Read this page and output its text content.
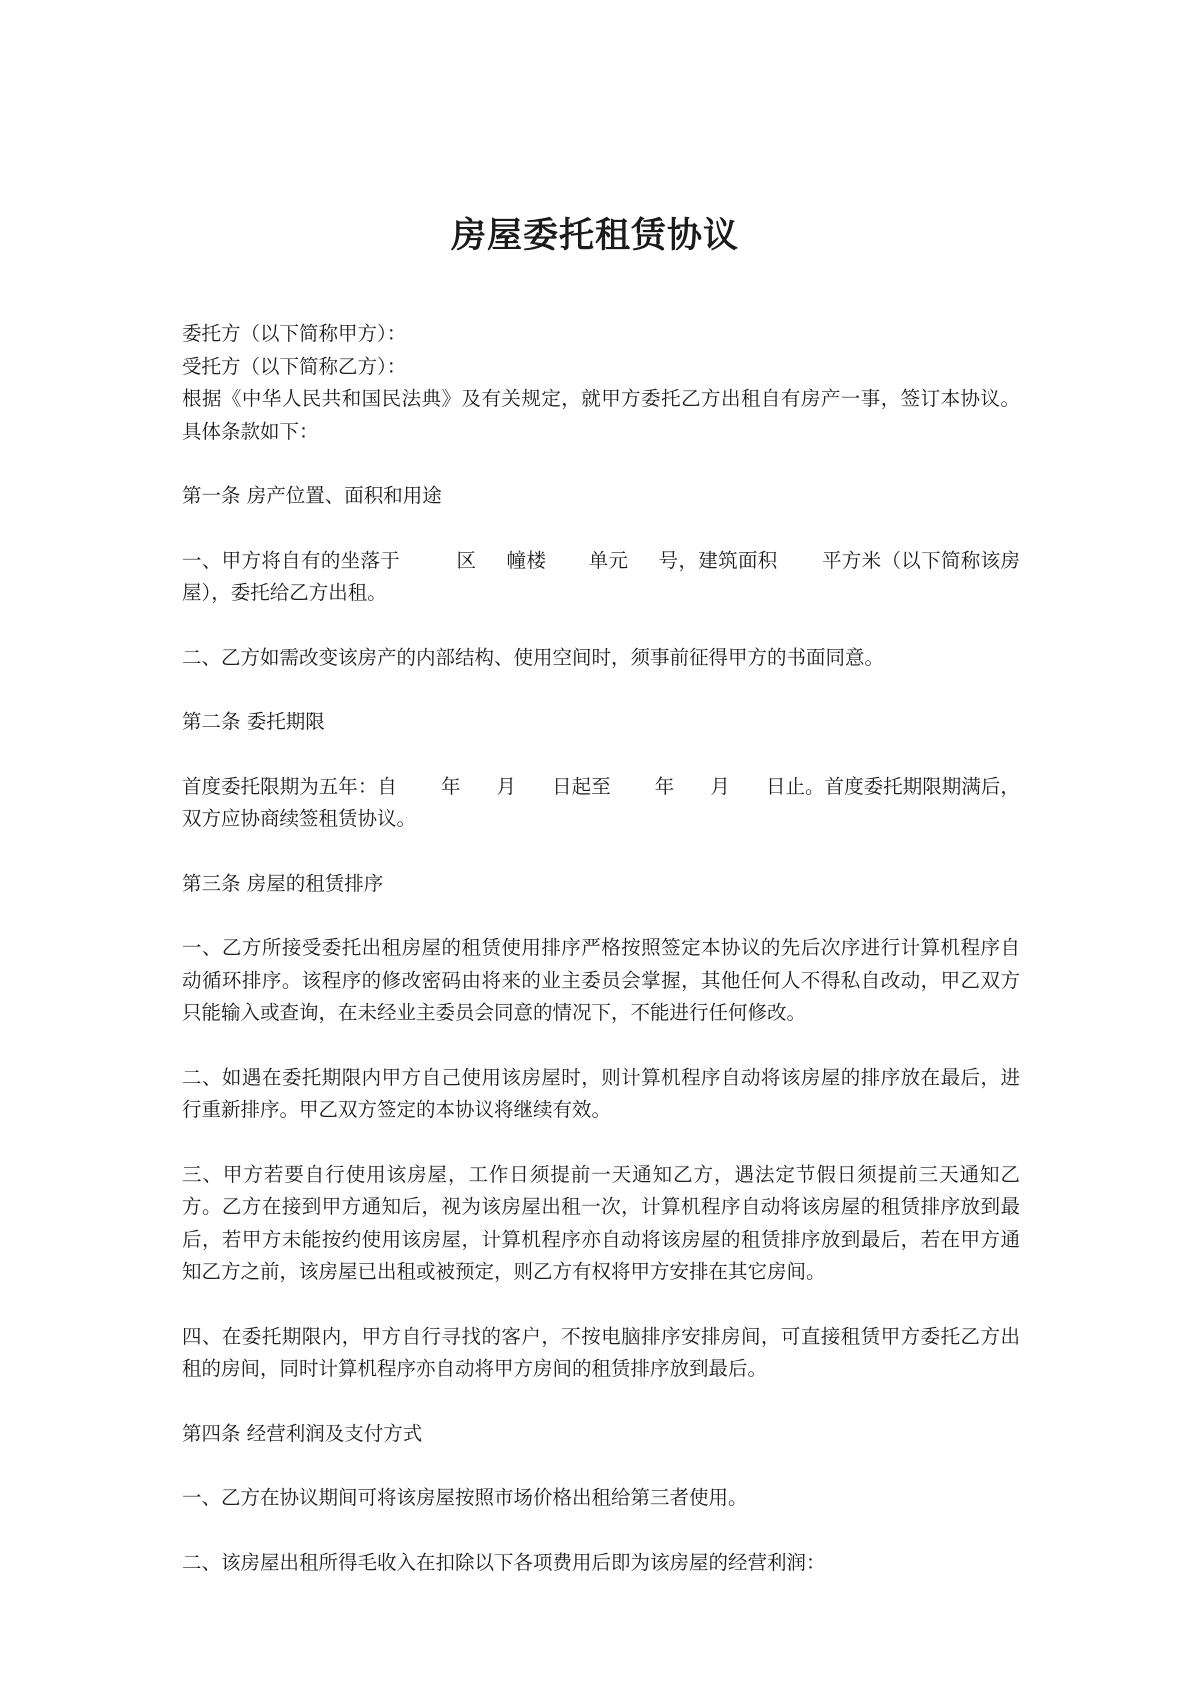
房屋委托租赁协议

委托方（以下简称甲方）：

受托方（以下简称乙方）：

根据《中华人民共和国民法典》及有关规定，就甲方委托乙方出租自有房产一事，签订本协议。具体条款如下：

第一条 房产位置、面积和用途

一、甲方将自有的坐落于	区 幢楼 单元 号，建筑面积 平方米（以下简称该房屋），委托给乙方出租。

二、乙方如需改变该房产的内部结构、使用空间时，须事前征得甲方的书面同意。

第二条 委托期限

首度委托限期为五年：自 年 月 日起至 年 月 日止。首度委托期限期满后，双方应协商续签租赁协议。

第三条 房屋的租赁排序

一、乙方所接受委托出租房屋的租赁使用排序严格按照签定本协议的先后次序进行计算机程序自动循环排序。该程序的修改密码由将来的业主委员会掌握，其他任何人不得私自改动，甲乙双方只能输入或查询，在未经业主委员会同意的情况下，不能进行任何修改。

二、如遇在委托期限内甲方自己使用该房屋时，则计算机程序自动将该房屋的排序放在最后，进行重新排序。甲乙双方签定的本协议将继续有效。

三、甲方若要自行使用该房屋，工作日须提前一天通知乙方，遇法定节假日须提前三天通知乙方。乙方在接到甲方通知后，视为该房屋出租一次，计算机程序自动将该房屋的租赁排序放到最后，若甲方未能按约使用该房屋，计算机程序亦自动将该房屋的租赁排序放到最后，若在甲方通知乙方之前，该房屋已出租或被预定，则乙方有权将甲方安排在其它房间。

四、在委托期限内，甲方自行寻找的客户，不按电脑排序安排房间，可直接租赁甲方委托乙方出租的房间，同时计算机程序亦自动将甲方房间的租赁排序放到最后。

第四条 经营利润及支付方式

一、乙方在协议期间可将该房屋按照市场价格出租给第三者使用。

二、该房屋出租所得毛收入在扣除以下各项费用后即为该房屋的经营利润：
